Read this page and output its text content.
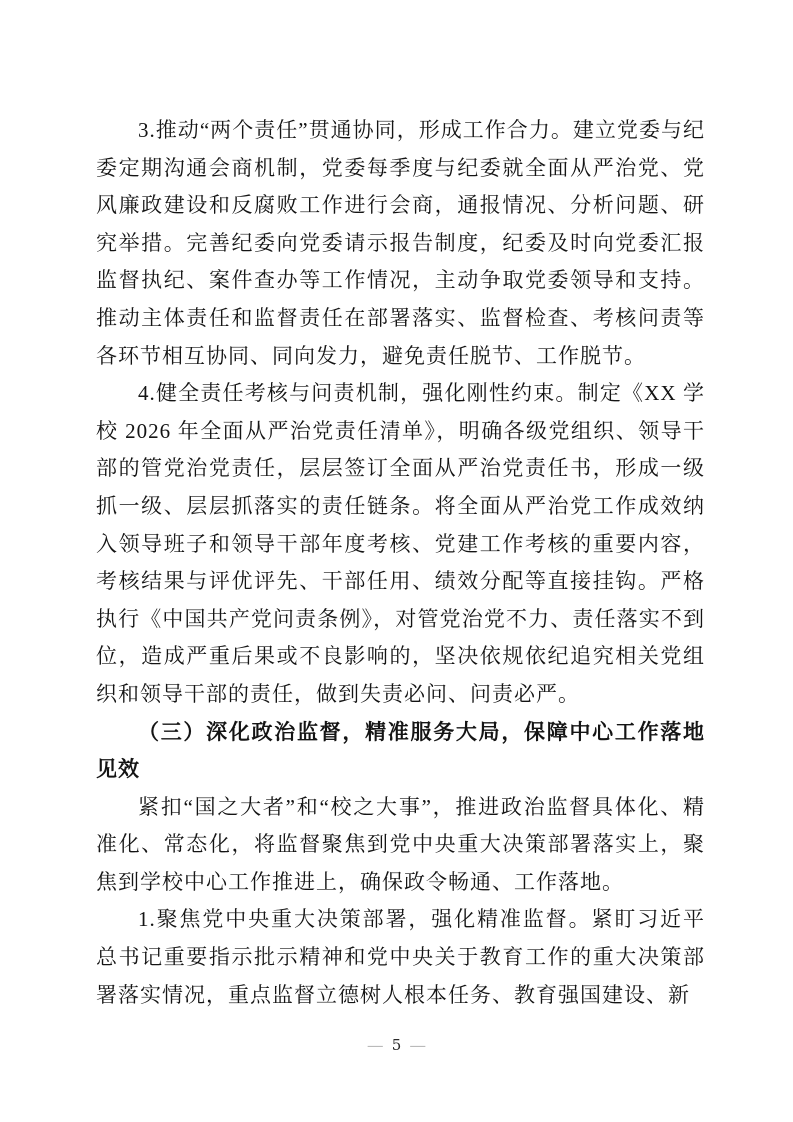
3.推动“两个责任”贯通协同，形成工作合力。建立党委与纪委定期沟通会商机制，党委每季度与纪委就全面从严治党、党风廉政建设和反腐败工作进行会商，通报情况、分析问题、研究举措。完善纪委向党委请示报告制度，纪委及时向党委汇报监督执纪、案件查办等工作情况，主动争取党委领导和支持。推动主体责任和监督责任在部署落实、监督检查、考核问责等各环节相互协同、同向发力，避免责任脱节、工作脱节。

4.健全责任考核与问责机制，强化刚性约束。制定《XX 学校 2026 年全面从严治党责任清单》，明确各级党组织、领导干部的管党治党责任，层层签订全面从严治党责任书，形成一级抓一级、层层抓落实的责任链条。将全面从严治党工作成效纳入领导班子和领导干部年度考核、党建工作考核的重要内容，考核结果与评优评先、干部任用、绩效分配等直接挂钩。严格执行《中国共产党问责条例》，对管党治党不力、责任落实不到位，造成严重后果或不良影响的，坚决依规依纪追究相关党组织和领导干部的责任，做到失责必问、问责必严。

（三）深化政治监督，精准服务大局，保障中心工作落地见效

紧扣“国之大者”和“校之大事”，推进政治监督具体化、精准化、常态化，将监督聚焦到党中央重大决策部署落实上，聚焦到学校中心工作推进上，确保政令畅通、工作落地。

1.聚焦党中央重大决策部署，强化精准监督。紧盯习近平总书记重要指示批示精神和党中央关于教育工作的重大决策部署落实情况，重点监督立德树人根本任务、教育强国建设、新

— 5 —
